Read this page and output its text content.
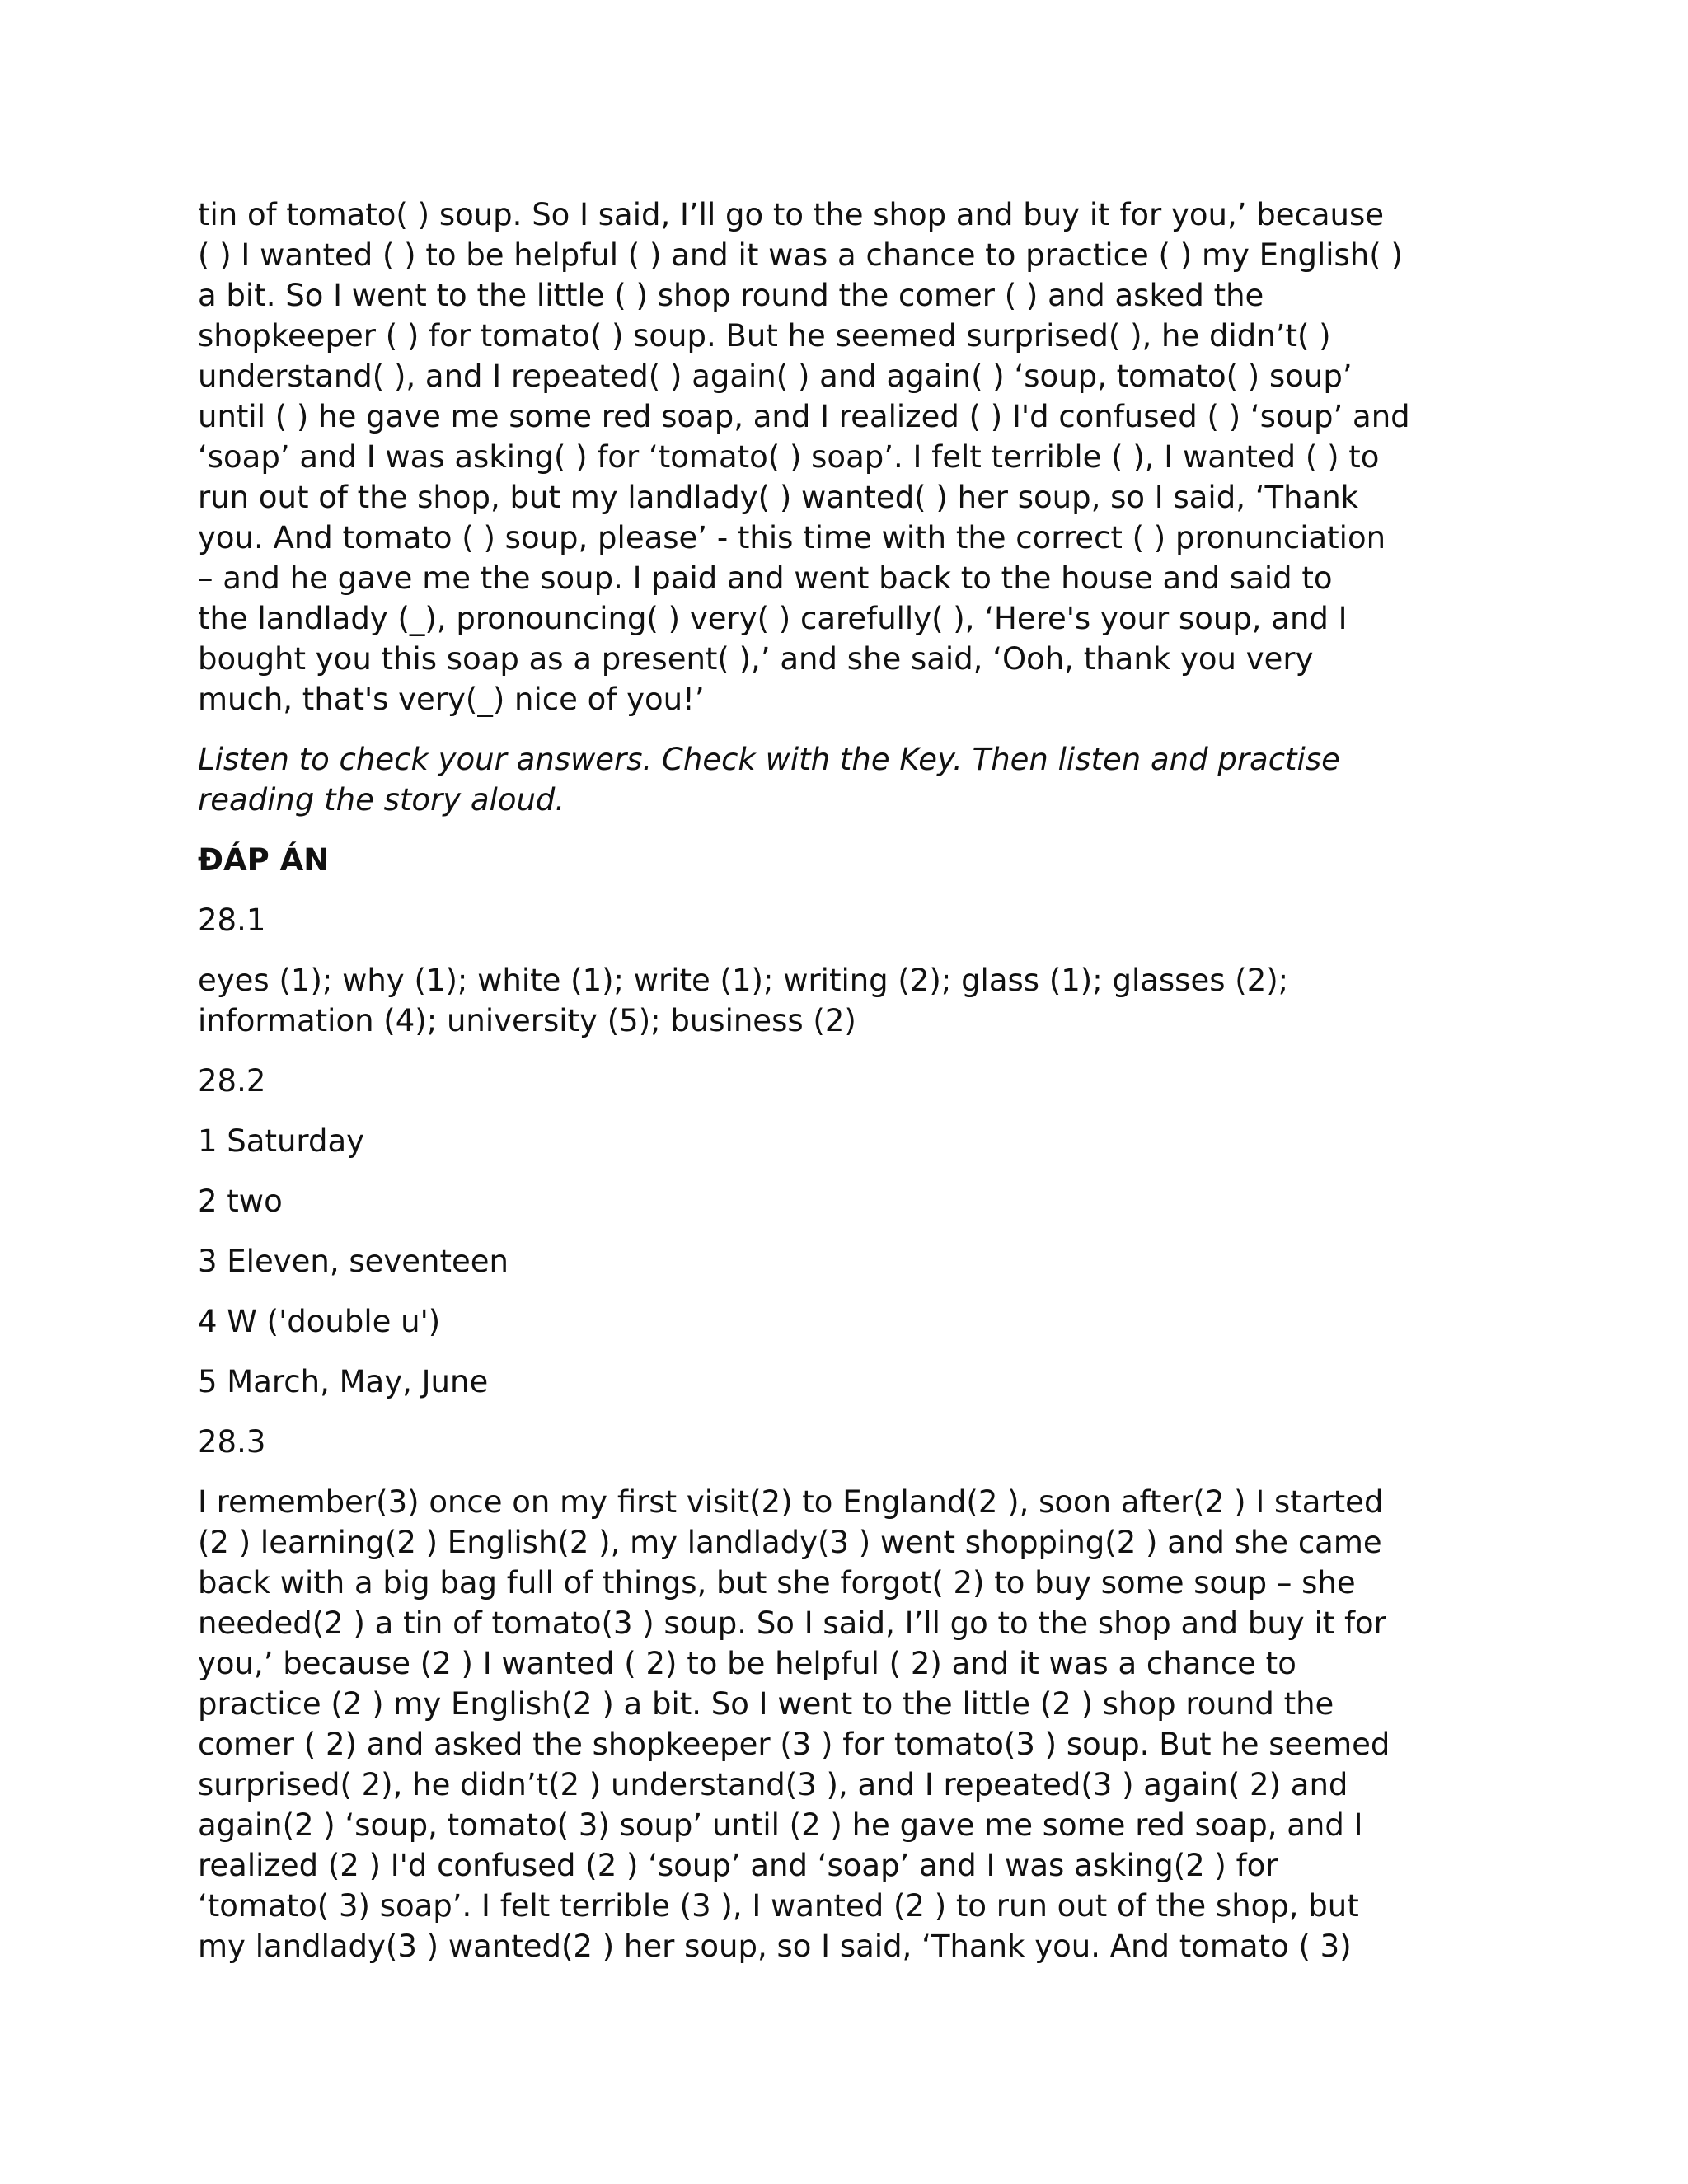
tin of tomato( ) soup. So I said, I’ll go to the shop and buy it for you,’ because
( ) I wanted ( ) to be helpful ( ) and it was a chance to practice ( ) my English( )
a bit. So I went to the little ( ) shop round the comer ( ) and asked the
shopkeeper ( ) for tomato( ) soup. But he seemed surprised( ), he didn’t( )
understand( ), and I repeated( ) again( ) and again( ) ‘soup, tomato( ) soup’
until ( ) he gave me some red soap, and I realized ( ) I'd confused ( ) ‘soup’ and
‘soap’ and I was asking( ) for ‘tomato( ) soap’. I felt terrible ( ), I wanted ( ) to
run out of the shop, but my landlady( ) wanted( ) her soup, so I said, ‘Thank
you. And tomato ( ) soup, please’ - this time with the correct ( ) pronunciation
– and he gave me the soup. I paid and went back to the house and said to
the landlady (_), pronouncing( ) very( ) carefully( ), ‘Here's your soup, and I
bought you this soap as a present( ),’ and she said, ‘Ooh, thank you very
much, that's very(_) nice of you!’

Listen to check your answers. Check with the Key. Then listen and practise
reading the story aloud.

ĐÁP ÁN

28.1

eyes (1); why (1); white (1); write (1); writing (2); glass (1); glasses (2);
information (4); university (5); business (2)

28.2

1 Saturday

2 two

3 Eleven, seventeen

4 W ('double u')

5 March, May, June

28.3

I remember(3) once on my first visit(2) to England(2 ), soon after(2 ) I started
(2 ) learning(2 ) English(2 ), my landlady(3 ) went shopping(2 ) and she came
back with a big bag full of things, but she forgot( 2) to buy some soup – she
needed(2 ) a tin of tomato(3 ) soup. So I said, I’ll go to the shop and buy it for
you,’ because (2 ) I wanted ( 2) to be helpful ( 2) and it was a chance to
practice (2 ) my English(2 ) a bit. So I went to the little (2 ) shop round the
comer ( 2) and asked the shopkeeper (3 ) for tomato(3 ) soup. But he seemed
surprised( 2), he didn’t(2 ) understand(3 ), and I repeated(3 ) again( 2) and
again(2 ) ‘soup, tomato( 3) soup’ until (2 ) he gave me some red soap, and I
realized (2 ) I'd confused (2 ) ‘soup’ and ‘soap’ and I was asking(2 ) for
‘tomato( 3) soap’. I felt terrible (3 ), I wanted (2 ) to run out of the shop, but
my landlady(3 ) wanted(2 ) her soup, so I said, ‘Thank you. And tomato ( 3)
